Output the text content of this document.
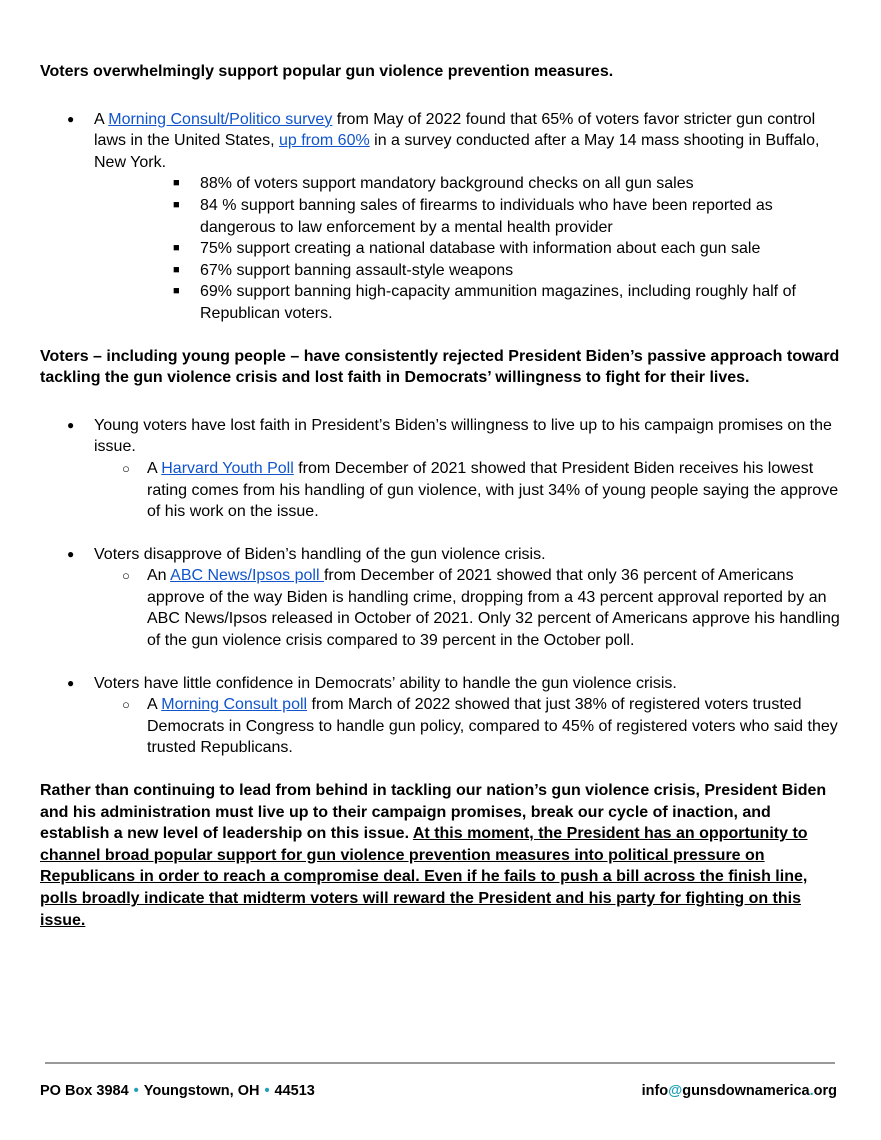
Voters overwhelmingly support popular gun violence prevention measures.

● A Morning Consult/Politico survey from May of 2022 found that 65% of voters favor stricter gun control laws in the United States, up from 60% in a survey conducted after a May 14 mass shooting in Buffalo, New York.
■ 88% of voters support mandatory background checks on all gun sales
■ 84 % support banning sales of firearms to individuals who have been reported as dangerous to law enforcement by a mental health provider
■ 75% support creating a national database with information about each gun sale
■ 67% support banning assault-style weapons
■ 69% support banning high-capacity ammunition magazines, including roughly half of Republican voters.

Voters – including young people – have consistently rejected President Biden’s passive approach toward tackling the gun violence crisis and lost faith in Democrats’ willingness to fight for their lives.

● Young voters have lost faith in President’s Biden’s willingness to live up to his campaign promises on the issue.
○ A Harvard Youth Poll from December of 2021 showed that President Biden receives his lowest rating comes from his handling of gun violence, with just 34% of young people saying the approve of his work on the issue.
● Voters disapprove of Biden’s handling of the gun violence crisis.
○ An ABC News/Ipsos poll from December of 2021 showed that only 36 percent of Americans approve of the way Biden is handling crime, dropping from a 43 percent approval reported by an ABC News/Ipsos released in October of 2021. Only 32 percent of Americans approve his handling of the gun violence crisis compared to 39 percent in the October poll.
● Voters have little confidence in Democrats’ ability to handle the gun violence crisis.
○ A Morning Consult poll from March of 2022 showed that just 38% of registered voters trusted Democrats in Congress to handle gun policy, compared to 45% of registered voters who said they trusted Republicans.

Rather than continuing to lead from behind in tackling our nation’s gun violence crisis, President Biden and his administration must live up to their campaign promises, break our cycle of inaction, and establish a new level of leadership on this issue. At this moment, the President has an opportunity to channel broad popular support for gun violence prevention measures into political pressure on Republicans in order to reach a compromise deal. Even if he fails to push a bill across the finish line, polls broadly indicate that midterm voters will reward the President and his party for fighting on this issue.

PO Box 3984 • Youngstown, OH • 44513	info@gunsdownamerica.org
